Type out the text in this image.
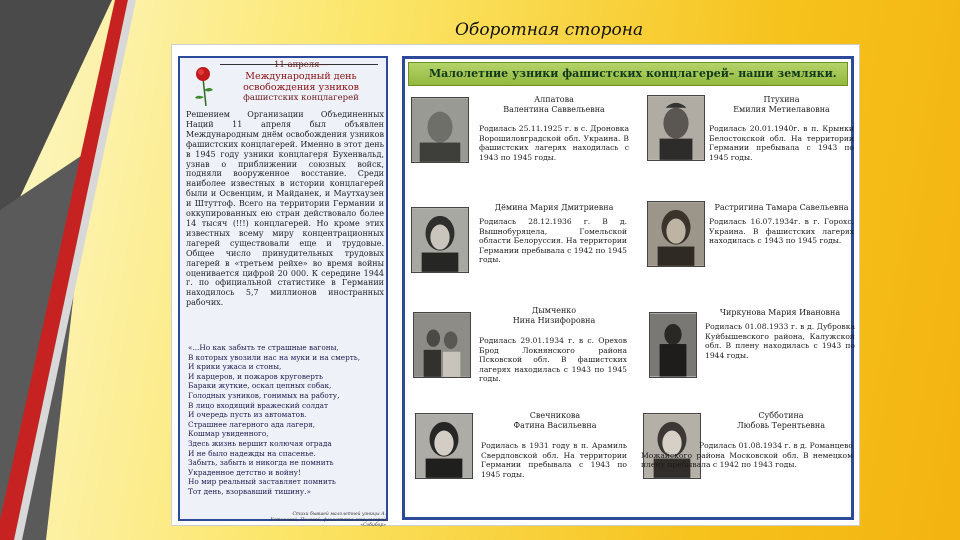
Оборотная сторона
11 апреля—
Международный день
освобождения узников
фашистских концлагерей
Решением Организации Объединенных Наций 11 апреля был объявлен Международным днём освобождения узников фашистских концлагерей. Именно в этот день в 1945 году узники концлагеря Бухенвальд, узнав о приближении союзных войск, подняли вооруженное восстание. Среди наиболее известных в истории концлагерей были и Освенцим, и Майданек, и Маутхаузен и Штуттоф. Всего на территории Германии и оккупированных ею стран действовало более 14 тысяч (!!!) концлагерей. Но кроме этих известных всему миру концентрационных лагерей существовали еще и трудовые. Общее число принудительных трудовых лагерей в «третьем рейхе» во время войны оценивается цифрой 20 000. К середине 1944 г. по официальной статистике в Германии находилось 5,7 миллионов иностранных рабочих.
«...Но как забыть те страшные вагоны,
В которых увозили нас на муки и на смерть,
И крики ужаса и стоны,
И карцеров, и пожаров круговерть
Бараки жуткие, оскал цепных собак,
Голодных узников, гонимых на работу,
В лицо входящий вражеский солдат
И очередь пусть из автоматов.
Страшнее лагерного ада лагеря,
Кошмар увиденного,
Здесь жизнь вершит колючая ограда
И не было надежды на спасенье.
Забыть, забыть и никогда не помнить
Украденное детство и войну!
Но мир реальный заставляет помнить
Тот день, взорвавший тишину.»
Стихи бывшей малолетней узницы А. Устиновой, Полевой, фашистских концлагерей «Собибор»
Малолетние узники фашистских концлагерей– наши земляки.
Алпатова
Валентина Саввельевна
Родилась 25.11.1925 г. в с. Дроновка Ворошиловградской обл. Украина. В фашистских лагерях находилась с 1943 по 1945 годы.
Птухина
Емилия Метиелавовна
Родилась 20.01.1940г. в п. Крынки Белостокской обл. На территории Германии пребывала с 1943 по 1945 годы.
Дёмина Мария Дмитриевна
Родилась 28.12.1936 г. В д. Вышнобуряцела, Гомельской области Белоруссия. На территории Германии пребывала с 1942 по 1945 годы.
Растригина Тамара Савельевна
Родилась 16.07.1934г. в г. Горохс. Украина. В фашистских лагерях находилась с 1943 по 1945 годы.
Дымченко
Нина Низифоровна
Родилась 29.01.1934 г. в с. Орехов Брод Локнянского района Псковской обл. В фашистских лагерях находилась с 1943 по 1945 годы.
Чиркунова Мария Ивановна
Родилась 01.08.1933 г. в д. Дубровка Куйбышевского района, Калужской обл. В плену находилась с 1943 по 1944 годы.
Свечникова
Фатина Васильевна
Родилась в 1931 году в п. Арамиль Свердловской обл. На территории Германии пребывала с 1943 по 1945 годы.
Субботина
Любовь Терентьевна
Родилась 01.08.1934 г. в д. Романцево Можайского района Московской обл. В немецком плену пребывала с 1942 по 1943 годы.
